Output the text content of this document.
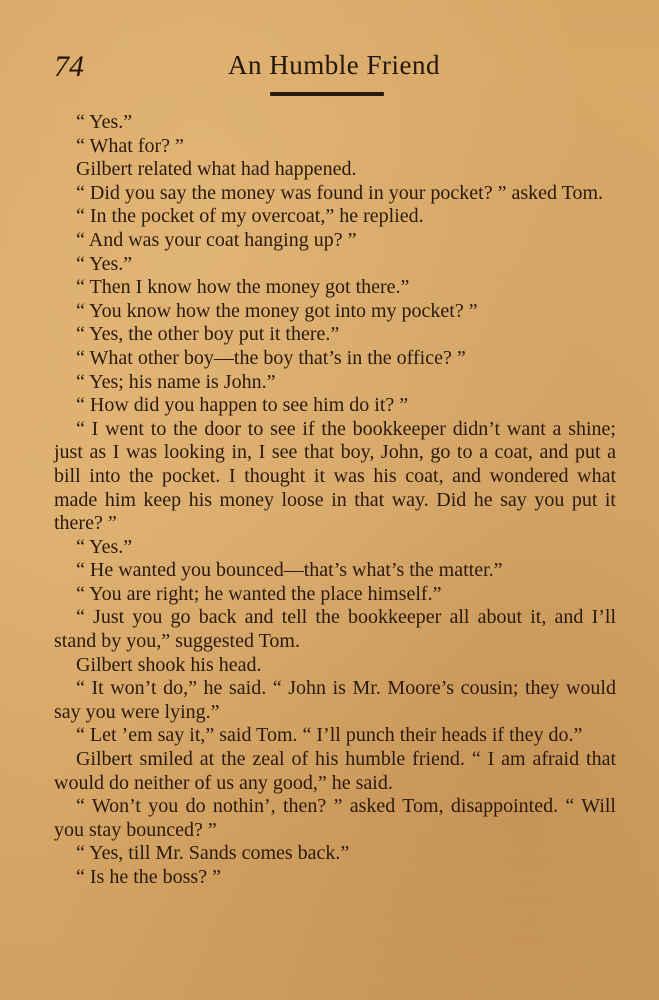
74	An Humble Friend

“ Yes.”

“ What for? ”

Gilbert related what had happened.

“ Did you say the money was found in your pocket? ” asked Tom.

“ In the pocket of my overcoat,” he replied.

“ And was your coat hanging up? ”

“ Yes.”

“ Then I know how the money got there.”

“ You know how the money got into my pocket? ”

“ Yes, the other boy put it there.”

“ What other boy—the boy that’s in the office? ”

“ Yes; his name is John.”

“ How did you happen to see him do it? ”

“ I went to the door to see if the bookkeeper didn’t want a shine; just as I was looking in, I see that boy, John, go to a coat, and put a bill into the pocket. I thought it was his coat, and wondered what made him keep his money loose in that way. Did he say you put it there? ”

“ Yes.”

“ He wanted you bounced—that’s what’s the matter.”

“ You are right; he wanted the place himself.”

“ Just you go back and tell the bookkeeper all about it, and I’ll stand by you,” suggested Tom.

Gilbert shook his head.

“ It won’t do,” he said. “ John is Mr. Moore’s cousin; they would say you were lying.”

“ Let ’em say it,” said Tom. “ I’ll punch their heads if they do.”

Gilbert smiled at the zeal of his humble friend. “ I am afraid that would do neither of us any good,” he said.

“ Won’t you do nothin’, then? ” asked Tom, disappointed. “ Will you stay bounced? ”

“ Yes, till Mr. Sands comes back.”

“ Is he the boss? ”
